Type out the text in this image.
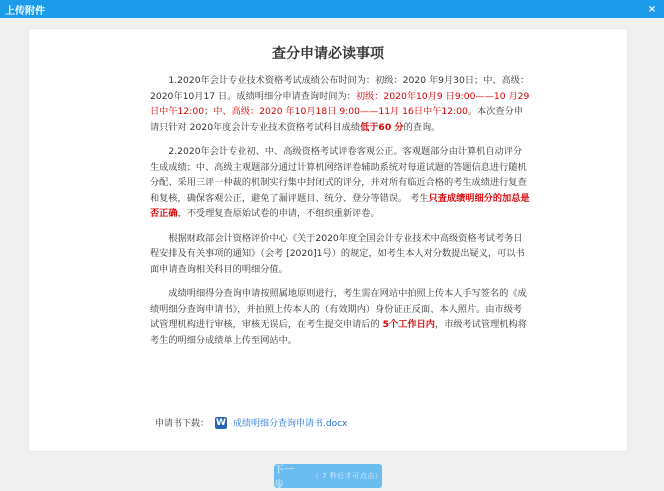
上传附件	×
查分申请必读事项

1.2020年会计专业技术资格考试成绩公布时间为：初级：2020 年9月30日；中、高级： 2020年10月17 日。成绩明细分申请查询时间为：初级：2020年10月9 日9:00——10 月29日中午12:00；中、高级：2020 年10月18日 9:00——11月 16日中午12:00。本次查分申请只针对 2020年度会计专业技术资格考试科目成绩低于60 分的查询。

2.2020年会计专业初、中、高级资格考试评卷客观公正。客观题部分由计算机自动评分生成成绩；中、高级主观题部分通过计算机网络评卷辅助系统对每道试题的答题信息进行随机分配、采用三评一仲裁的机制实行集中封闭式的评分，并对所有临近合格的考生成绩进行复查和复核，确保客观公正，避免了漏评题目、统分、登分等错误。 考生只查成绩明细分的加总是否正确，不受理复查原始试卷的申请，不组织重新评卷。

根据财政部会计资格评价中心《关于2020年度全国会计专业技术中高级资格考试考务日程安排及有关事项的通知》（会考 [2020]1号）的规定，如考生本人对分数提出疑义，可以书面申请查询相关科目的明细分值。

成绩明细得分查询申请按照属地原则进行，考生需在网站中拍照上传本人手写签名的《成绩明细分查询申请书》，并拍照上传本人的（有效期内）身份证正反面、本人照片。由市级考试管理机构进行审核，审核无误后，在考生提交申请后的 5个工作日内，市级考试管理机构将考生的明细分成绩单上传至网站中。

申请书下载： W 成绩明细分查询申请书.docx
下一步
（ 7 秒后才可点击）
